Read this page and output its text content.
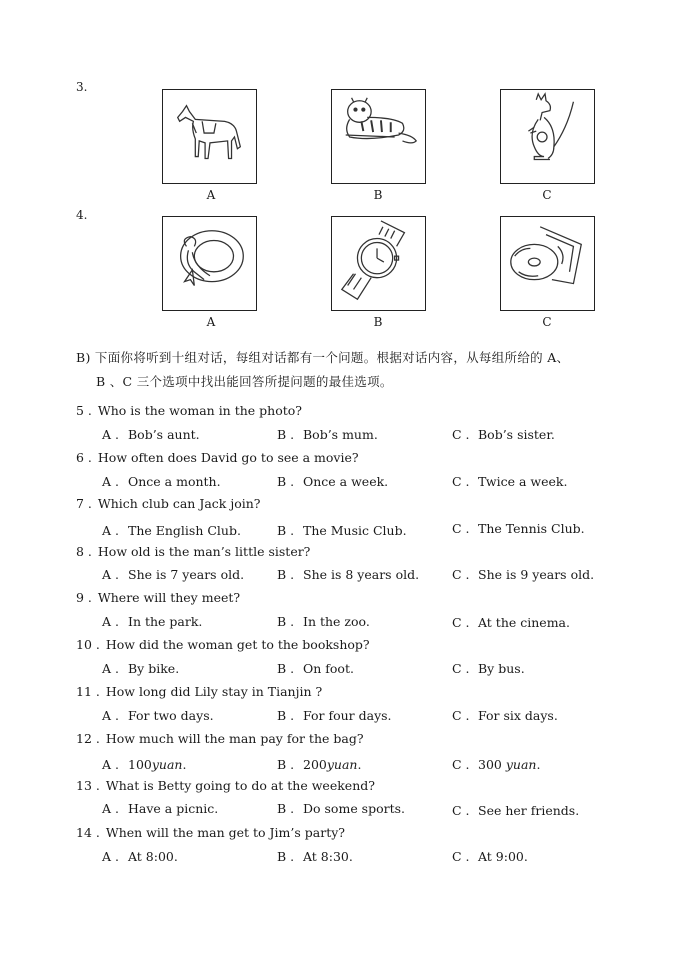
3.
A	B	C
4.
A	B	C
B) 下面你将听到十组对话，每组对话都有一个问题。根据对话内容，从每组所给的 A、
B 、C 三个选项中找出能回答所提问题的最佳选项。
5 . Who is the woman in the photo?
A . Bob’s aunt.	B . Bob’s mum.	C . Bob’s sister.
6 . How often does David go to see a movie?
A . Once a month.	B . Once a week.	C . Twice a week.
7 . Which club can Jack join?
A . The English Club.	B . The Music Club.	C . The Tennis Club.
8 . How old is the man’s little sister?
A . She is 7 years old.	B . She is 8 years old.	C . She is 9 years old.
9 . Where will they meet?
A . In the park.	B . In the zoo.	C . At the cinema.
10 . How did the woman get to the bookshop?
A . By bike.	B . On foot.	C . By bus.
11 . How long did Lily stay in Tianjin ?
A . For two days.	B . For four days.	C . For six days.
12 . How much will the man pay for the bag?
A . 100yuan.	B . 200yuan.	C . 300 yuan.
13 . What is Betty going to do at the weekend?
A . Have a picnic.	B . Do some sports.	C . See her friends.
14 . When will the man get to Jim’s party?
A . At 8:00.	B . At 8:30.	C . At 9:00.
